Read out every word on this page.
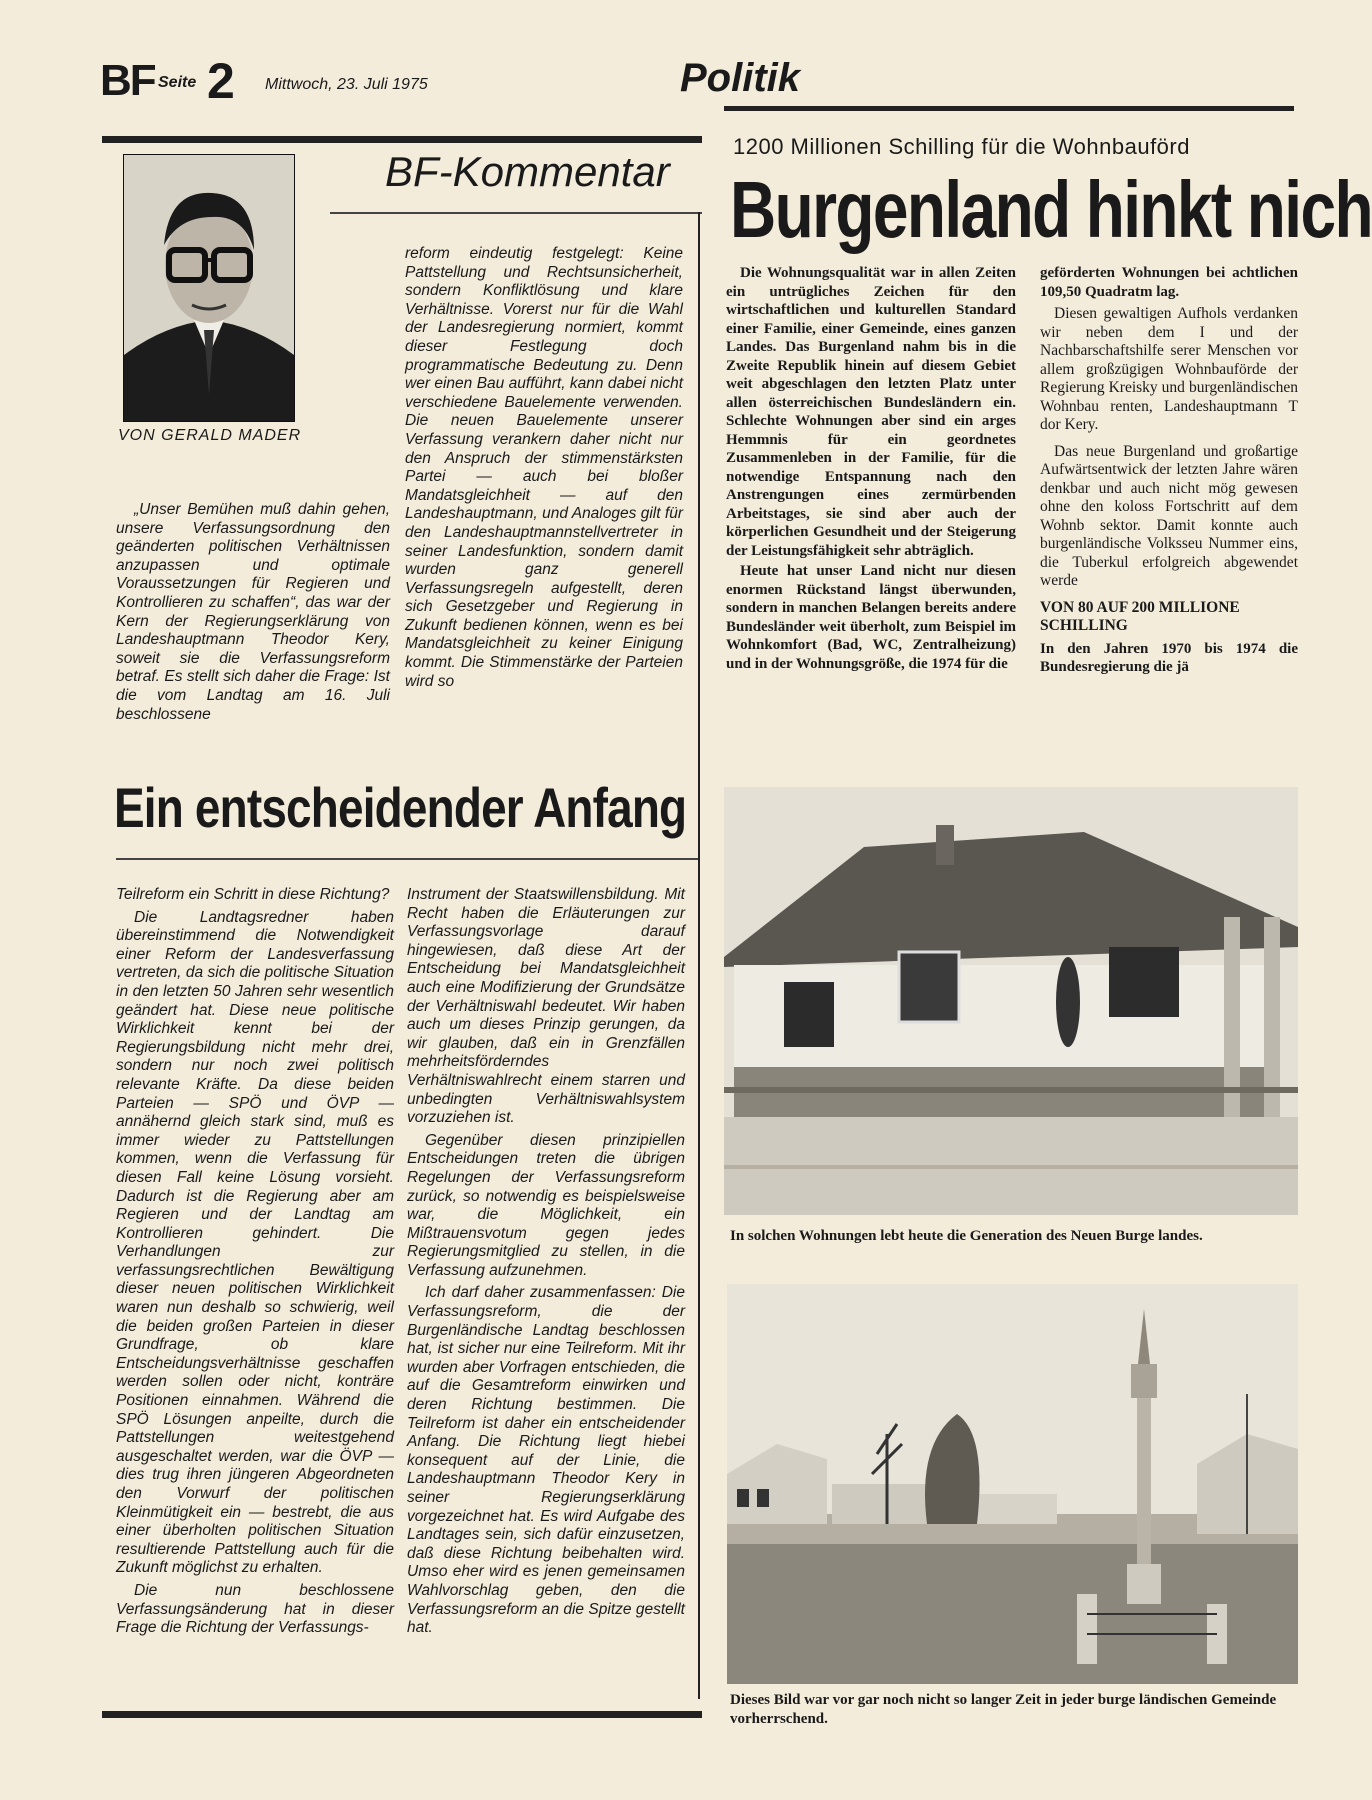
BF Seite 2 Mittwoch, 23. Juli 1975	Politik
VON GERALD MADER
BF-Kommentar

„Unser Bemühen muß dahin gehen, unsere Verfassungsordnung den geänderten politischen Verhältnissen anzupassen und optimale Voraussetzungen für Regieren und Kontrollieren zu schaffen“, das war der Kern der Regierungserklärung von Landeshauptmann Theodor Kery, soweit sie die Verfassungsreform betraf. Es stellt sich daher die Frage: Ist die vom Landtag am 16. Juli beschlossene

reform eindeutig festgelegt: Keine Pattstellung und Rechtsunsicherheit, sondern Konfliktlösung und klare Verhältnisse. Vorerst nur für die Wahl der Landesregierung normiert, kommt dieser Festlegung doch programmatische Bedeutung zu. Denn wer einen Bau aufführt, kann dabei nicht verschiedene Bauelemente verwenden. Die neuen Bauelemente unserer Verfassung verankern daher nicht nur den Anspruch der stimmenstärksten Partei — auch bei bloßer Mandatsgleichheit — auf den Landeshauptmann, und Analoges gilt für den Landeshauptmannstellvertreter in seiner Landesfunktion, sondern damit wurden ganz generell Verfassungsregeln aufgestellt, deren sich Gesetzgeber und Regierung in Zukunft bedienen können, wenn es bei Mandatsgleichheit zu keiner Einigung kommt. Die Stimmenstärke der Parteien wird so

Ein entscheidender Anfang

Teilreform ein Schritt in diese Richtung?

Die Landtagsredner haben übereinstimmend die Notwendigkeit einer Reform der Landesverfassung vertreten, da sich die politische Situation in den letzten 50 Jahren sehr wesentlich geändert hat. Diese neue politische Wirklichkeit kennt bei der Regierungsbildung nicht mehr drei, sondern nur noch zwei politisch relevante Kräfte. Da diese beiden Parteien — SPÖ und ÖVP — annähernd gleich stark sind, muß es immer wieder zu Pattstellungen kommen, wenn die Verfassung für diesen Fall keine Lösung vorsieht. Dadurch ist die Regierung aber am Regieren und der Landtag am Kontrollieren gehindert. Die Verhandlungen zur verfassungsrechtlichen Bewältigung dieser neuen politischen Wirklichkeit waren nun deshalb so schwierig, weil die beiden großen Parteien in dieser Grundfrage, ob klare Entscheidungsverhältnisse geschaffen werden sollen oder nicht, konträre Positionen einnahmen. Während die SPÖ Lösungen anpeilte, durch die Pattstellungen weitestgehend ausgeschaltet werden, war die ÖVP — dies trug ihren jüngeren Abgeordneten den Vorwurf der politischen Kleinmütigkeit ein — bestrebt, die aus einer überholten politischen Situation resultierende Pattstellung auch für die Zukunft möglichst zu erhalten.

Die nun beschlossene Verfassungsänderung hat in dieser Frage die Richtung der Verfassungs-

Instrument der Staatswillensbildung. Mit Recht haben die Erläuterungen zur Verfassungsvorlage darauf hingewiesen, daß diese Art der Entscheidung bei Mandatsgleichheit auch eine Modifizierung der Grundsätze der Verhältniswahl bedeutet. Wir haben auch um dieses Prinzip gerungen, da wir glauben, daß ein in Grenzfällen mehrheitsförderndes Verhältniswahlrecht einem starren und unbedingten Verhältniswahlsystem vorzuziehen ist.

Gegenüber diesen prinzipiellen Entscheidungen treten die übrigen Regelungen der Verfassungsreform zurück, so notwendig es beispielsweise war, die Möglichkeit, ein Mißtrauensvotum gegen jedes Regierungsmitglied zu stellen, in die Verfassung aufzunehmen.

Ich darf daher zusammenfassen: Die Verfassungsreform, die der Burgenländische Landtag beschlossen hat, ist sicher nur eine Teilreform. Mit ihr wurden aber Vorfragen entschieden, die auf die Gesamtreform einwirken und deren Richtung bestimmen. Die Teilreform ist daher ein entscheidender Anfang. Die Richtung liegt hiebei konsequent auf der Linie, die Landeshauptmann Theodor Kery in seiner Regierungserklärung vorgezeichnet hat. Es wird Aufgabe des Landtages sein, sich dafür einzusetzen, daß diese Richtung beibehalten wird. Umso eher wird es jenen gemeinsamen Wahlvorschlag geben, den die Verfassungsreform an die Spitze gestellt hat.

1200 Millionen Schilling für die Wohnbauförd
Burgenland hinkt nich

Die Wohnungsqualität war in allen Zeiten ein untrügliches Zeichen für den wirtschaftlichen und kulturellen Standard einer Familie, einer Gemeinde, eines ganzen Landes. Das Burgenland nahm bis in die Zweite Republik hinein auf diesem Gebiet weit abgeschlagen den letzten Platz unter allen österreichischen Bundesländern ein. Schlechte Wohnungen aber sind ein arges Hemmnis für ein geordnetes Zusammenleben in der Familie, für die notwendige Entspannung nach den Anstrengungen eines zermürbenden Arbeitstages, sie sind aber auch der körperlichen Gesundheit und der Steigerung der Leistungsfähigkeit sehr abträglich.

Heute hat unser Land nicht nur diesen enormen Rückstand längst überwunden, sondern in manchen Belangen bereits andere Bundesländer weit überholt, zum Beispiel im Wohnkomfort (Bad, WC, Zentralheizung) und in der Wohnungsgröße, die 1974 für die

geförderten Wohnungen bei achtlichen 109,50 Quadratm lag.

Diesen gewaltigen Aufhols verdanken wir neben dem I und der Nachbarschaftshilfe serer Menschen vor allem großzügigen Wohnbauförde der Regierung Kreisky und burgenländischen Wohnbau renten, Landeshauptmann T dor Kery.

Das neue Burgenland und großartige Aufwärtsentwick der letzten Jahre wären denkbar und auch nicht mög gewesen ohne den koloss Fortschritt auf dem Wohnb sektor. Damit konnte auch burgenländische Volksseu Nummer eins, die Tuberkul erfolgreich abgewendet werde

VON 80 AUF 200 MILLIONE SCHILLING
In den Jahren 1970 bis 1974 die Bundesregierung die jä
In solchen Wohnungen lebt heute die Generation des Neuen Burge landes.
Dieses Bild war vor gar noch nicht so langer Zeit in jeder burge ländischen Gemeinde vorherrschend.
